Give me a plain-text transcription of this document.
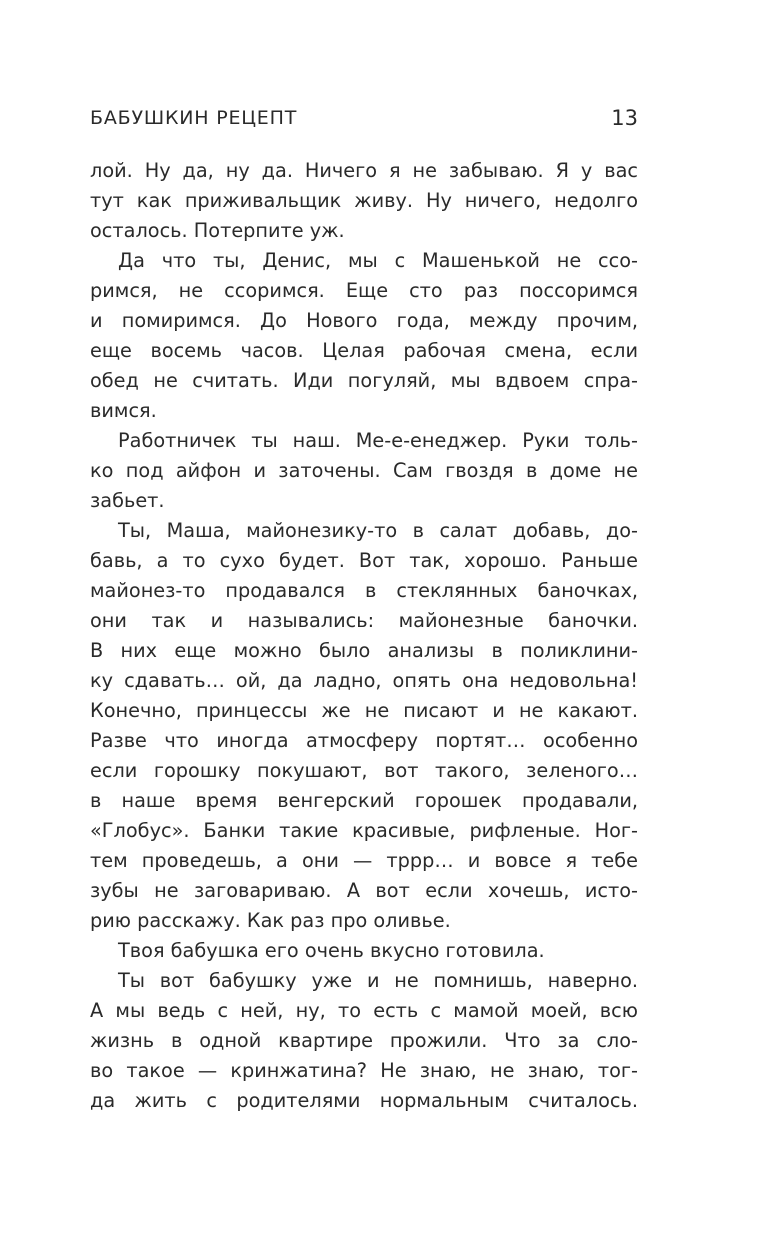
БАБУШКИН РЕЦЕПТ	13
лой. Ну да, ну да. Ничего я не забываю. Я у вас
тут как приживальщик живу. Ну ничего, недолго
осталось. Потерпите уж.
Да что ты, Денис, мы с Машенькой не ссо-
римся, не ссоримся. Еще сто раз поссоримся
и помиримся. До Нового года, между прочим,
еще восемь часов. Целая рабочая смена, если
обед не считать. Иди погуляй, мы вдвоем спра-
вимся.
Работничек ты наш. Ме-е-енеджер. Руки толь-
ко под айфон и заточены. Сам гвоздя в доме не
забьет.
Ты, Маша, майонезику-то в салат добавь, до-
бавь, а то сухо будет. Вот так, хорошо. Раньше
майонез-то продавался в стеклянных баночках,
они так и назывались: майонезные баночки.
В них еще можно было анализы в поликлини-
ку сдавать… ой, да ладно, опять она недовольна!
Конечно, принцессы же не писают и не какают.
Разве что иногда атмосферу портят… особенно
если горошку покушают, вот такого, зеленого…
в наше время венгерский горошек продавали,
«Глобус». Банки такие красивые, рифленые. Ног-
тем проведешь, а они — тррр… и вовсе я тебе
зубы не заговариваю. А вот если хочешь, исто-
рию расскажу. Как раз про оливье.
Твоя бабушка его очень вкусно готовила.
Ты вот бабушку уже и не помнишь, наверно.
А мы ведь с ней, ну, то есть с мамой моей, всю
жизнь в одной квартире прожили. Что за сло-
во такое — кринжатина? Не знаю, не знаю, тог-
да жить с родителями нормальным считалось.
